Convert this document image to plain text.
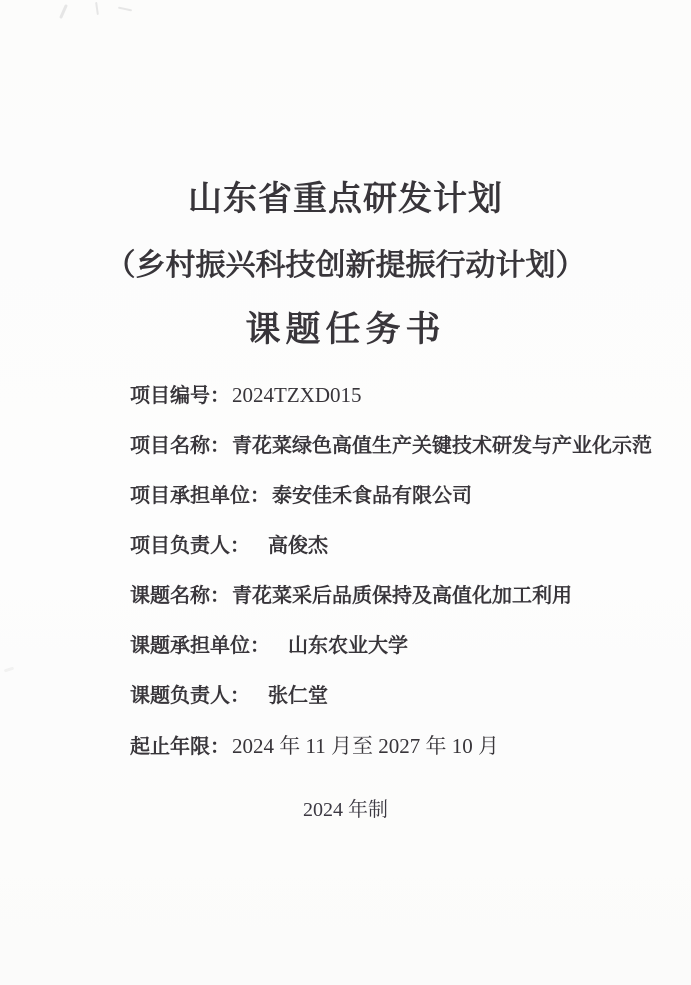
山东省重点研发计划
（乡村振兴科技创新提振行动计划）
课题任务书
项目编号：2024TZXD015
项目名称： 青花菜绿色高值生产关键技术研发与产业化示范
项目承担单位： 泰安佳禾食品有限公司
项目负责人： 高俊杰
课题名称： 青花菜采后品质保持及高值化加工利用
课题承担单位： 山东农业大学
课题负责人： 张仁堂
起止年限：2024 年 11 月至 2027 年 10 月
2024 年制
